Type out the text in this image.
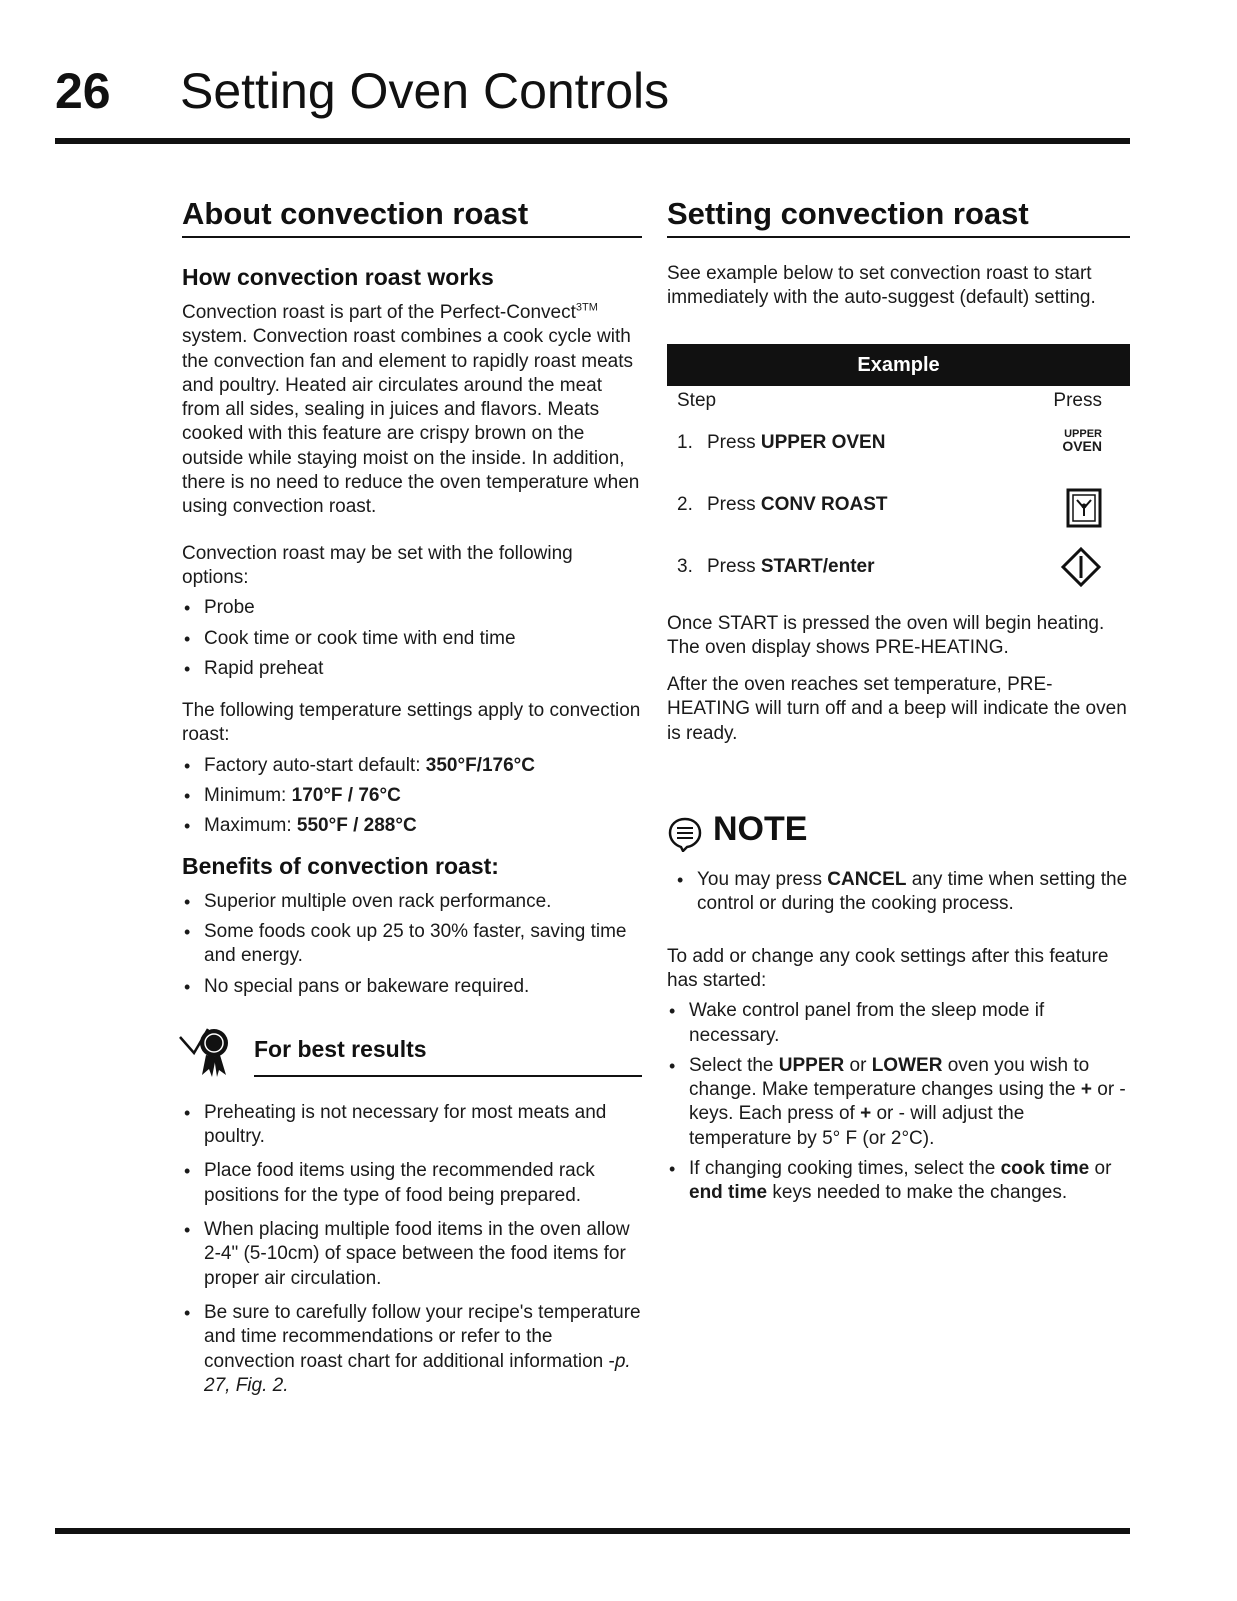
26 Setting Oven Controls
About convection roast
How convection roast works

Convection roast is part of the Perfect-Convect$^{3TM}$ system. Convection roast combines a cook cycle with the convection fan and element to rapidly roast meats and poultry. Heated air circulates around the meat from all sides, sealing in juices and flavors. Meats cooked with this feature are crispy brown on the outside while staying moist on the inside. In addition, there is no need to reduce the oven temperature when using convection roast.

Convection roast may be set with the following options:

• Probe
• Cook time or cook time with end time
• Rapid preheat

The following temperature settings apply to convection roast:

• Factory auto-start default: 350°F/176°C
• Minimum: 170°F / 76°C
• Maximum: 550°F / 288°C
Benefits of convection roast:
• Superior multiple oven rack performance.
• Some foods cook up 25 to 30% faster, saving time and energy.
• No special pans or bakeware required.
For best results
• Preheating is not necessary for most meats and poultry.
• Place food items using the recommended rack positions for the type of food being prepared.
• When placing multiple food items in the oven allow 2-4" (5-10cm) of space between the food items for proper air circulation.
• Be sure to carefully follow your recipe's temperature and time recommendations or refer to the convection roast chart for additional information -p. 27, Fig. 2.
Setting convection roast

See example below to set convection roast to start immediately with the auto-suggest (default) setting.

Example
Step	Press
1. Press UPPER OVEN	UPPER
OVEN
2. Press CONV ROAST
3. Press START/enter

Once START is pressed the oven will begin heating. The oven display shows PRE-HEATING.

After the oven reaches set temperature, PRE-HEATING will turn off and a beep will indicate the oven is ready.

NOTE
• You may press CANCEL any time when setting the control or during the cooking process.

To add or change any cook settings after this feature has started:

• Wake control panel from the sleep mode if necessary.
• Select the UPPER or LOWER oven you wish to change. Make temperature changes using the + or - keys. Each press of + or - will adjust the temperature by 5° F (or 2°C).
• If changing cooking times, select the cook time or end time keys needed to make the changes.
